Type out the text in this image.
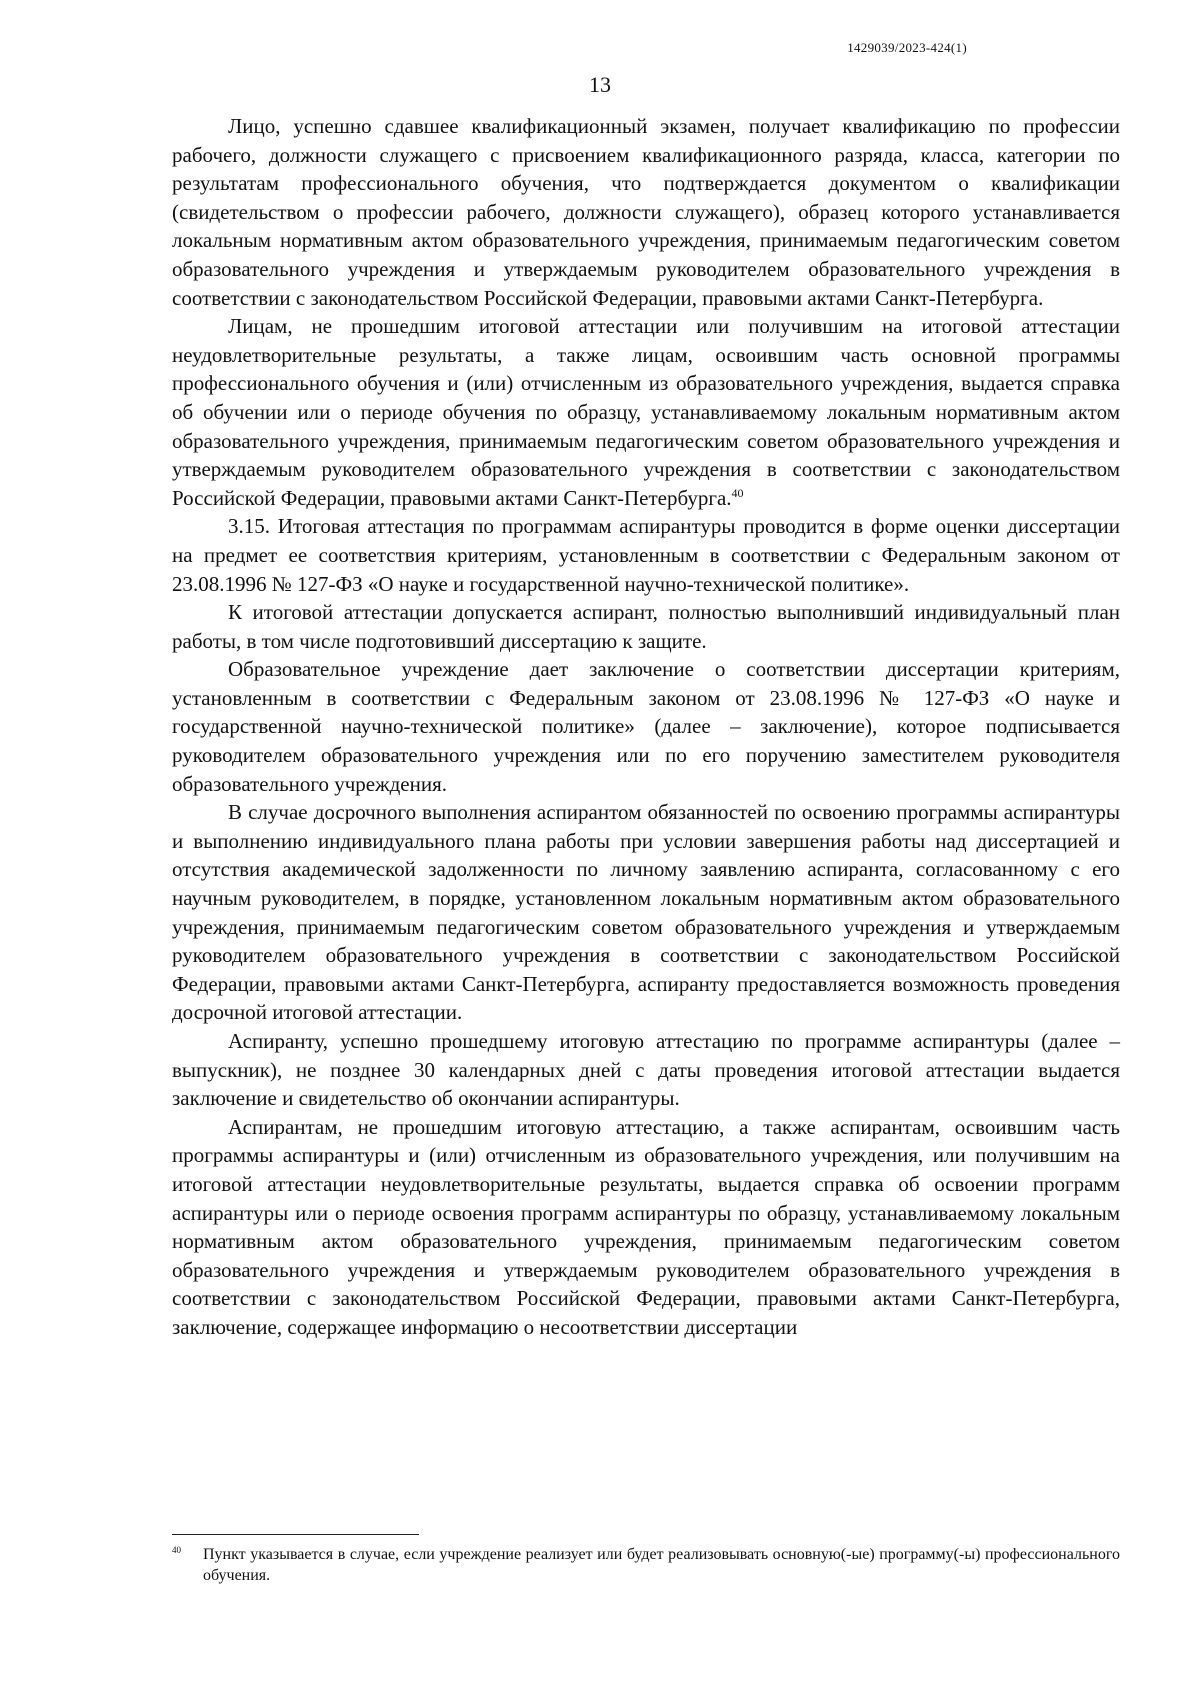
1429039/2023-424(1)
13

Лицо, успешно сдавшее квалификационный экзамен, получает квалификацию по профессии рабочего, должности служащего с присвоением квалификационного разряда, класса, категории по результатам профессионального обучения, что подтверждается документом о квалификации (свидетельством о профессии рабочего, должности служащего), образец которого устанавливается локальным нормативным актом образовательного учреждения, принимаемым педагогическим советом образовательного учреждения и утверждаемым руководителем образовательного учреждения в соответствии с законодательством Российской Федерации, правовыми актами Санкт-Петербурга.

Лицам, не прошедшим итоговой аттестации или получившим на итоговой аттестации неудовлетворительные результаты, а также лицам, освоившим часть основной программы профессионального обучения и (или) отчисленным из образовательного учреждения, выдается справка об обучении или о периоде обучения по образцу, устанавливаемому локальным нормативным актом образовательного учреждения, принимаемым педагогическим советом образовательного учреждения и утверждаемым руководителем образовательного учреждения в соответствии с законодательством Российской Федерации, правовыми актами Санкт-Петербурга.$^{40}$

3.15. Итоговая аттестация по программам аспирантуры проводится в форме оценки диссертации на предмет ее соответствия критериям, установленным в соответствии с Федеральным законом от 23.08.1996 № 127-ФЗ «О науке и государственной научно-технической политике».

К итоговой аттестации допускается аспирант, полностью выполнивший индивидуальный план работы, в том числе подготовивший диссертацию к защите.

Образовательное учреждение дает заключение о соответствии диссертации критериям, установленным в соответствии с Федеральным законом от 23.08.1996 № 127-ФЗ «О науке и государственной научно-технической политике» (далее – заключение), которое подписывается руководителем образовательного учреждения или по его поручению заместителем руководителя образовательного учреждения.

В случае досрочного выполнения аспирантом обязанностей по освоению программы аспирантуры и выполнению индивидуального плана работы при условии завершения работы над диссертацией и отсутствия академической задолженности по личному заявлению аспиранта, согласованному с его научным руководителем, в порядке, установленном локальным нормативным актом образовательного учреждения, принимаемым педагогическим советом образовательного учреждения и утверждаемым руководителем образовательного учреждения в соответствии с законодательством Российской Федерации, правовыми актами Санкт-Петербурга, аспиранту предоставляется возможность проведения досрочной итоговой аттестации.

Аспиранту, успешно прошедшему итоговую аттестацию по программе аспирантуры (далее – выпускник), не позднее 30 календарных дней с даты проведения итоговой аттестации выдается заключение и свидетельство об окончании аспирантуры.

Аспирантам, не прошедшим итоговую аттестацию, а также аспирантам, освоившим часть программы аспирантуры и (или) отчисленным из образовательного учреждения, или получившим на итоговой аттестации неудовлетворительные результаты, выдается справка об освоении программ аспирантуры или о периоде освоения программ аспирантуры по образцу, устанавливаемому локальным нормативным актом образовательного учреждения, принимаемым педагогическим советом образовательного учреждения и утверждаемым руководителем образовательного учреждения в соответствии с законодательством Российской Федерации, правовыми актами Санкт-Петербурга, заключение, содержащее информацию о несоответствии диссертации

40	Пункт указывается в случае, если учреждение реализует или будет реализовывать основную(-ые) программу(-ы) профессионального обучения.
